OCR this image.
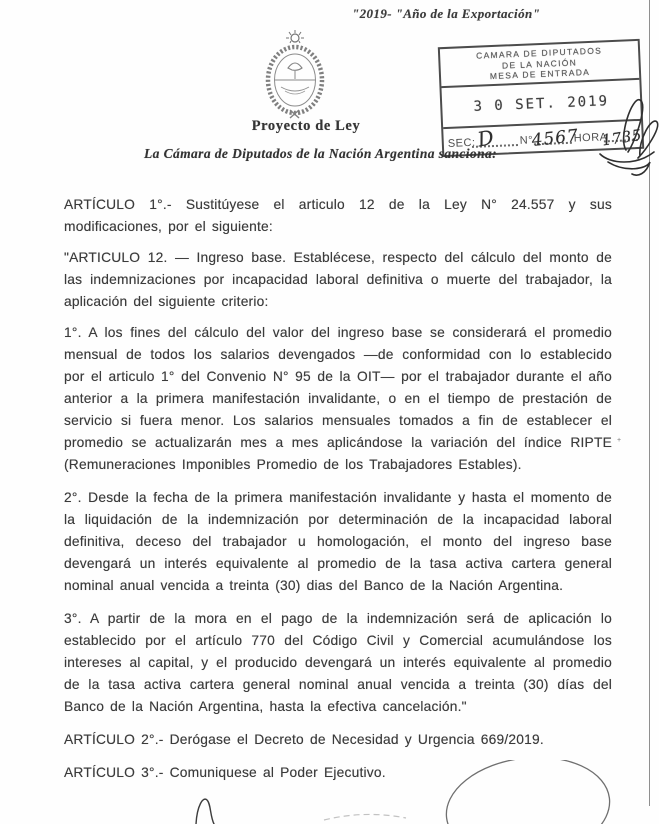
"2019- "Año de la Exportación"
CAMARA DE DIPUTADOS
DE LA NACIÓN
MESA DE ENTRADA
3 0 SET. 2019
SEC:	N°	HORA
D 4567 1735
Proyecto de Ley
La Cámara de Diputados de la Nación Argentina sanciona:

ARTÍCULO 1°.- Sustitúyese el articulo 12 de la Ley N° 24.557 y sus modificaciones, por el siguiente:

"ARTICULO 12. — Ingreso base. Establécese, respecto del cálculo del monto de las indemnizaciones por incapacidad laboral definitiva o muerte del trabajador, la aplicación del siguiente criterio:

1°. A los fines del cálculo del valor del ingreso base se considerará el promedio mensual de todos los salarios devengados —de conformidad con lo establecido por el articulo 1° del Convenio N° 95 de la OIT— por el trabajador durante el año anterior a la primera manifestación invalidante, o en el tiempo de prestación de servicio si fuera menor. Los salarios mensuales tomados a fin de establecer el promedio se actualizarán mes a mes aplicándose la variación del índice RIPTE (Remuneraciones Imponibles Promedio de los Trabajadores Estables).

2°. Desde la fecha de la primera manifestación invalidante y hasta el momento de la liquidación de la indemnización por determinación de la incapacidad laboral definitiva, deceso del trabajador u homologación, el monto del ingreso base devengará un interés equivalente al promedio de la tasa activa cartera general nominal anual vencida a treinta (30) dias del Banco de la Nación Argentina.

3°. A partir de la mora en el pago de la indemnización será de aplicación lo establecido por el artículo 770 del Código Civil y Comercial acumulándose los intereses al capital, y el producido devengará un interés equivalente al promedio de la tasa activa cartera general nominal anual vencida a treinta (30) días del Banco de la Nación Argentina, hasta la efectiva cancelación."

ARTÍCULO 2°.- Derógase el Decreto de Necesidad y Urgencia 669/2019.

ARTÍCULO 3°.- Comuniquese al Poder Ejecutivo.

+
